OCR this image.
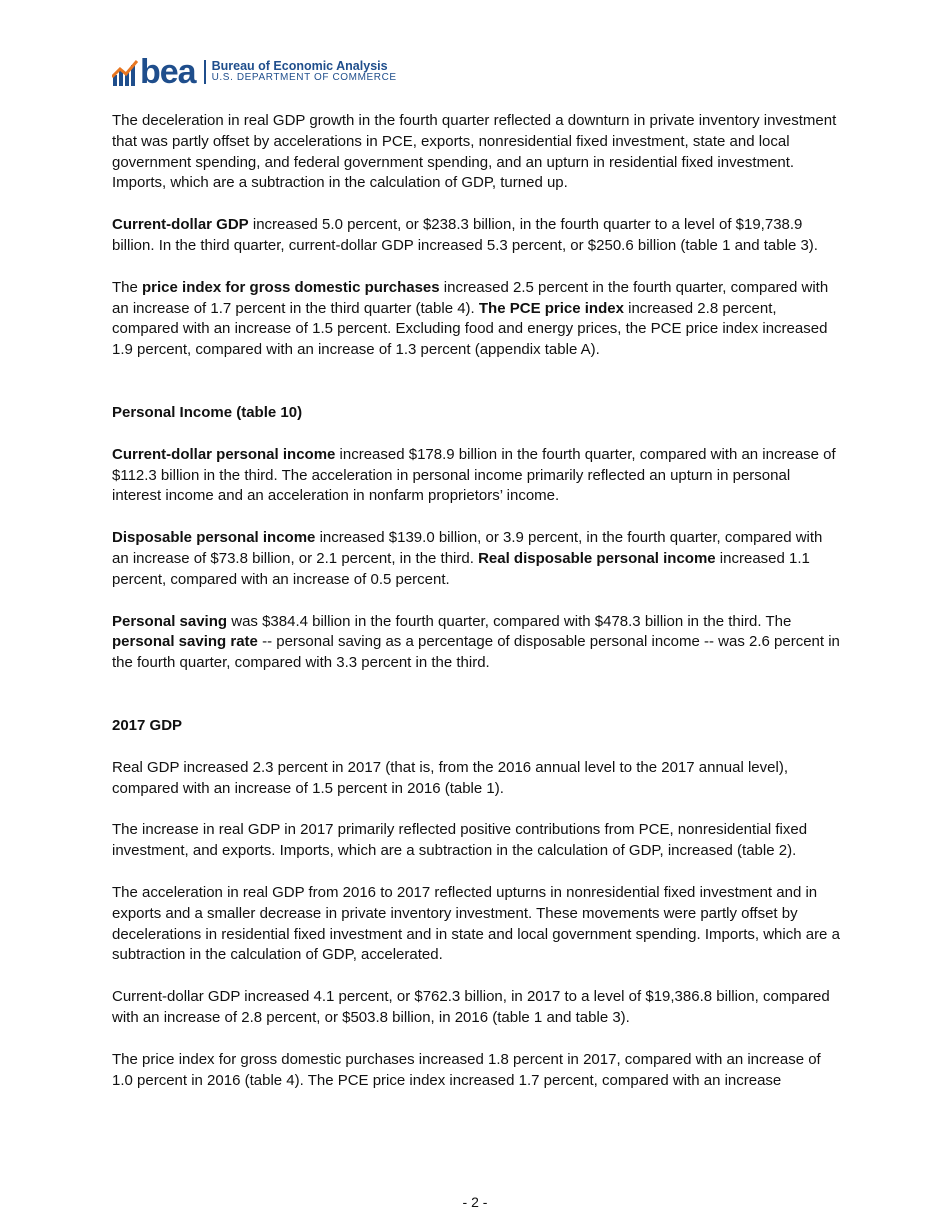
bea Bureau of Economic Analysis
U.S. DEPARTMENT OF COMMERCE

The deceleration in real GDP growth in the fourth quarter reflected a downturn in private inventory investment that was partly offset by accelerations in PCE, exports, nonresidential fixed investment, state and local government spending, and federal government spending, and an upturn in residential fixed investment. Imports, which are a subtraction in the calculation of GDP, turned up.

Current-dollar GDP increased 5.0 percent, or $238.3 billion, in the fourth quarter to a level of $19,738.9 billion. In the third quarter, current-dollar GDP increased 5.3 percent, or $250.6 billion (table 1 and table 3).

The price index for gross domestic purchases increased 2.5 percent in the fourth quarter, compared with an increase of 1.7 percent in the third quarter (table 4). The PCE price index increased 2.8 percent, compared with an increase of 1.5 percent. Excluding food and energy prices, the PCE price index increased 1.9 percent, compared with an increase of 1.3 percent (appendix table A).

Personal Income (table 10)

Current-dollar personal income increased $178.9 billion in the fourth quarter, compared with an increase of $112.3 billion in the third. The acceleration in personal income primarily reflected an upturn in personal interest income and an acceleration in nonfarm proprietors’ income.

Disposable personal income increased $139.0 billion, or 3.9 percent, in the fourth quarter, compared with an increase of $73.8 billion, or 2.1 percent, in the third. Real disposable personal income increased 1.1 percent, compared with an increase of 0.5 percent.

Personal saving was $384.4 billion in the fourth quarter, compared with $478.3 billion in the third. The personal saving rate -- personal saving as a percentage of disposable personal income -- was 2.6 percent in the fourth quarter, compared with 3.3 percent in the third.

2017 GDP

Real GDP increased 2.3 percent in 2017 (that is, from the 2016 annual level to the 2017 annual level), compared with an increase of 1.5 percent in 2016 (table 1).

The increase in real GDP in 2017 primarily reflected positive contributions from PCE, nonresidential fixed investment, and exports. Imports, which are a subtraction in the calculation of GDP, increased (table 2).

The acceleration in real GDP from 2016 to 2017 reflected upturns in nonresidential fixed investment and in exports and a smaller decrease in private inventory investment. These movements were partly offset by decelerations in residential fixed investment and in state and local government spending. Imports, which are a subtraction in the calculation of GDP, accelerated.

Current-dollar GDP increased 4.1 percent, or $762.3 billion, in 2017 to a level of $19,386.8 billion, compared with an increase of 2.8 percent, or $503.8 billion, in 2016 (table 1 and table 3).

The price index for gross domestic purchases increased 1.8 percent in 2017, compared with an increase of 1.0 percent in 2016 (table 4). The PCE price index increased 1.7 percent, compared with an increase

- 2 -
